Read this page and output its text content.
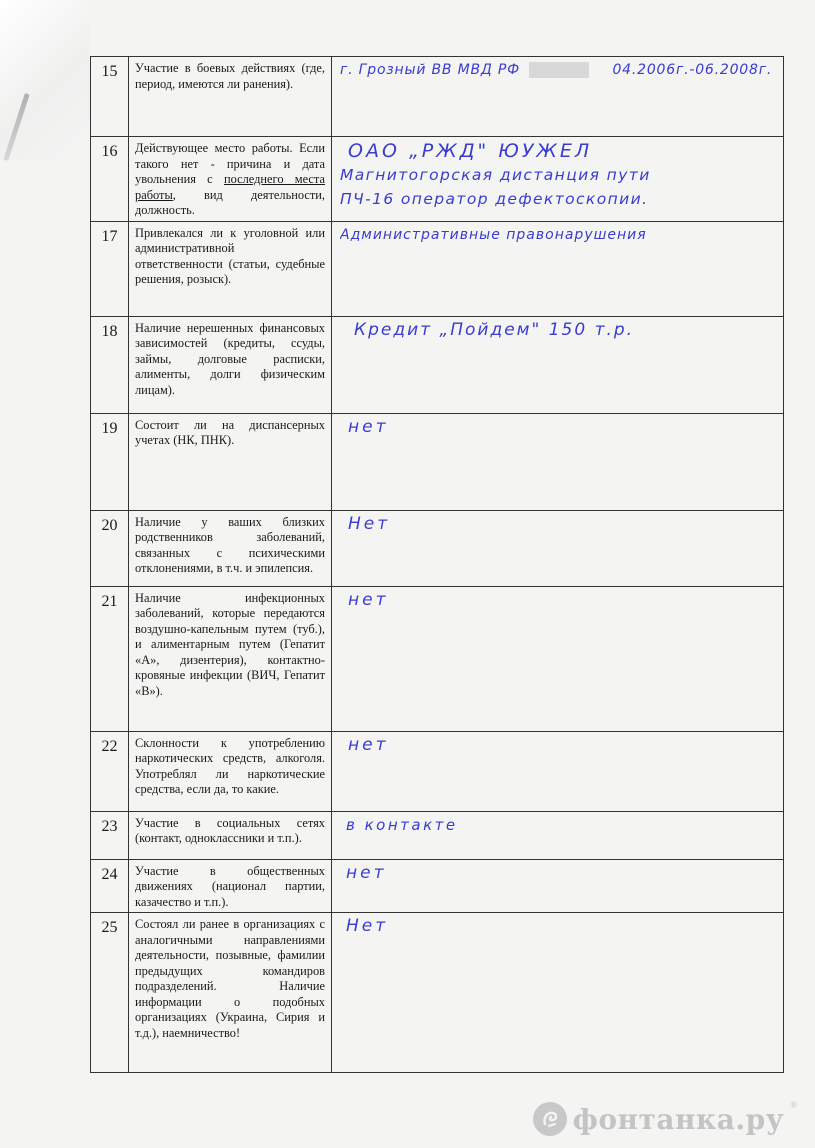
15	Участие в боевых действиях (где, период, имеются ли ранения).	г. Грозный ВВ МВД РФ 04.2006г.-06.2008г.

16	Действующее место работы. Если такого нет - причина и дата увольнения с последнего места работы, вид деятельности, должность.	ОАО „РЖД" ЮУЖЕЛ
Магнитогорская дистанция пути
ПЧ-16 оператор дефектоскопии.

17	Привлекался ли к уголовной или административной ответственности (статьи, судебные решения, розыск).	Административные правонарушения

18	Наличие нерешенных финансовых зависимостей (кредиты, ссуды, займы, долговые расписки, алименты, долги физическим лицам).	Кредит „Пойдем" 150 т.р.

19	Состоит ли на диспансерных учетах (НК, ПНК).	нет

20	Наличие у ваших близких родственников заболеваний, связанных с психическими отклонениями, в т.ч. и эпилепсия.	Нет

21	Наличие инфекционных заболеваний, которые передаются воздушно-капельным путем (туб.), и алиментарным путем (Гепатит «А», дизентерия), контактно-кровяные инфекции (ВИЧ, Гепатит «В»).	нет

22	Склонности к употреблению наркотических средств, алкоголя. Употреблял ли наркотические средства, если да, то какие.	нет

23	Участие в социальных сетях (контакт, одноклассники и т.п.).	в контакте

24	Участие в общественных движениях (национал партии, казачество и т.п.).	нет

25	Состоял ли ранее в организациях с аналогичными направлениями деятельности, позывные, фамилии предыдущих командиров подразделений. Наличие информации о подобных организациях (Украина, Сирия и т.д.), наемничество!	Нет
фонтанка.ру ®
